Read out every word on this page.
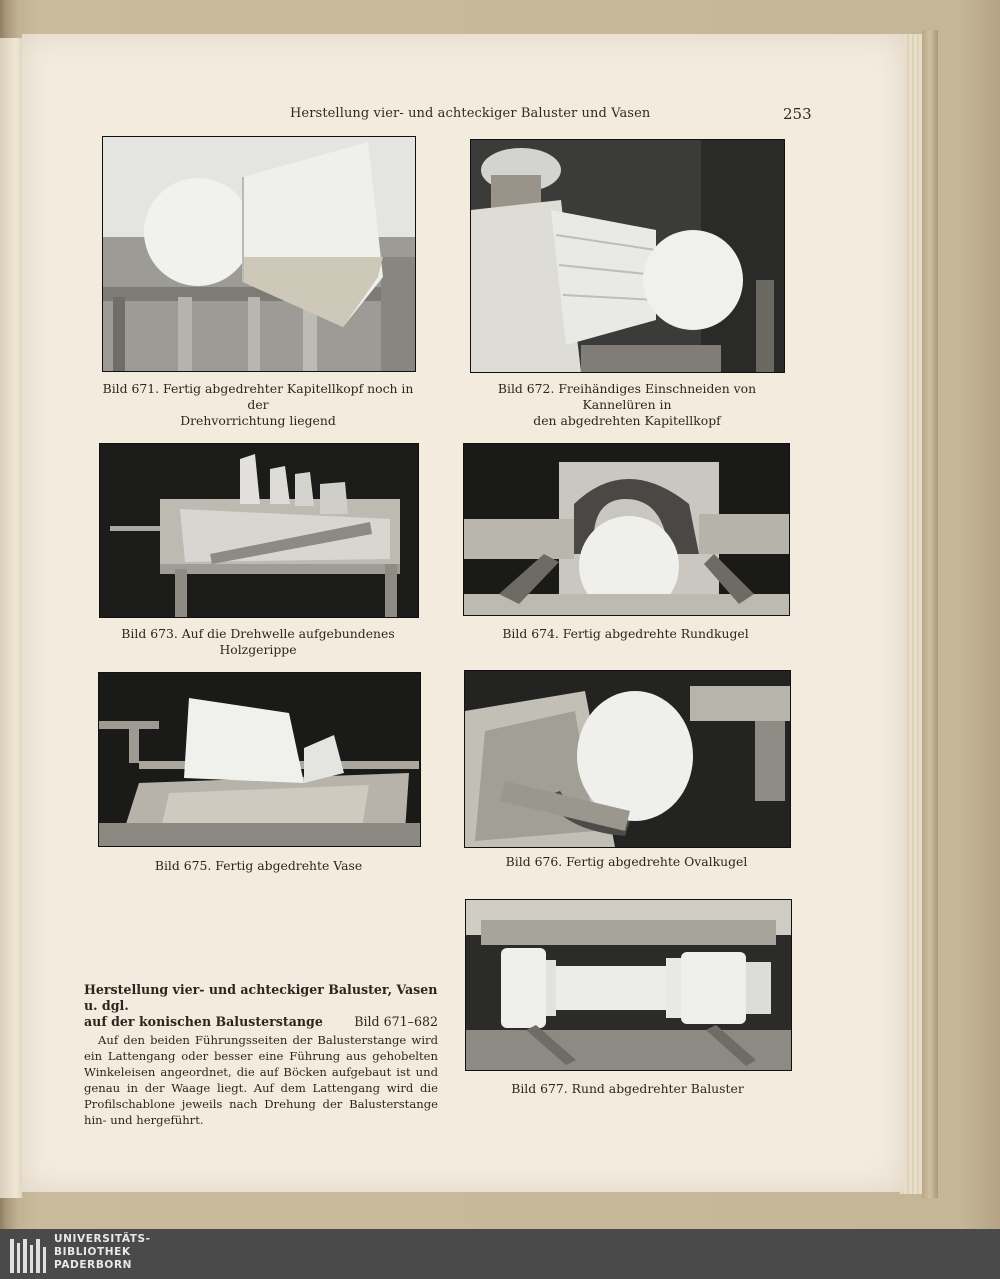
Herstellung vier- und achteckiger Baluster und Vasen	253
Bild 671. Fertig abgedrehter Kapitellkopf noch in der
Drehvorrichtung liegend
Bild 672. Freihändiges Einschneiden von Kannelüren in
den abgedrehten Kapitellkopf
Bild 673. Auf die Drehwelle aufgebundenes Holzgerippe
Bild 674. Fertig abgedrehte Rundkugel
Bild 675. Fertig abgedrehte Vase	Bild 676. Fertig abgedrehte Ovalkugel
Bild 677. Rund abgedrehter Baluster
Herstellung vier- und achteckiger Baluster, Vasen u. dgl.
auf der konischen Balusterstange Bild 671–682
Auf den beiden Führungsseiten der Balusterstange wird ein Lattengang oder besser eine Führung aus gehobelten Winkeleisen angeordnet, die auf Böcken aufgebaut ist und genau in der Waage liegt. Auf dem Lattengang wird die Profilschablone jeweils nach Drehung der Balusterstange hin- und hergeführt.
UNIVERSITÄTS-
BIBLIOTHEK
PADERBORN
